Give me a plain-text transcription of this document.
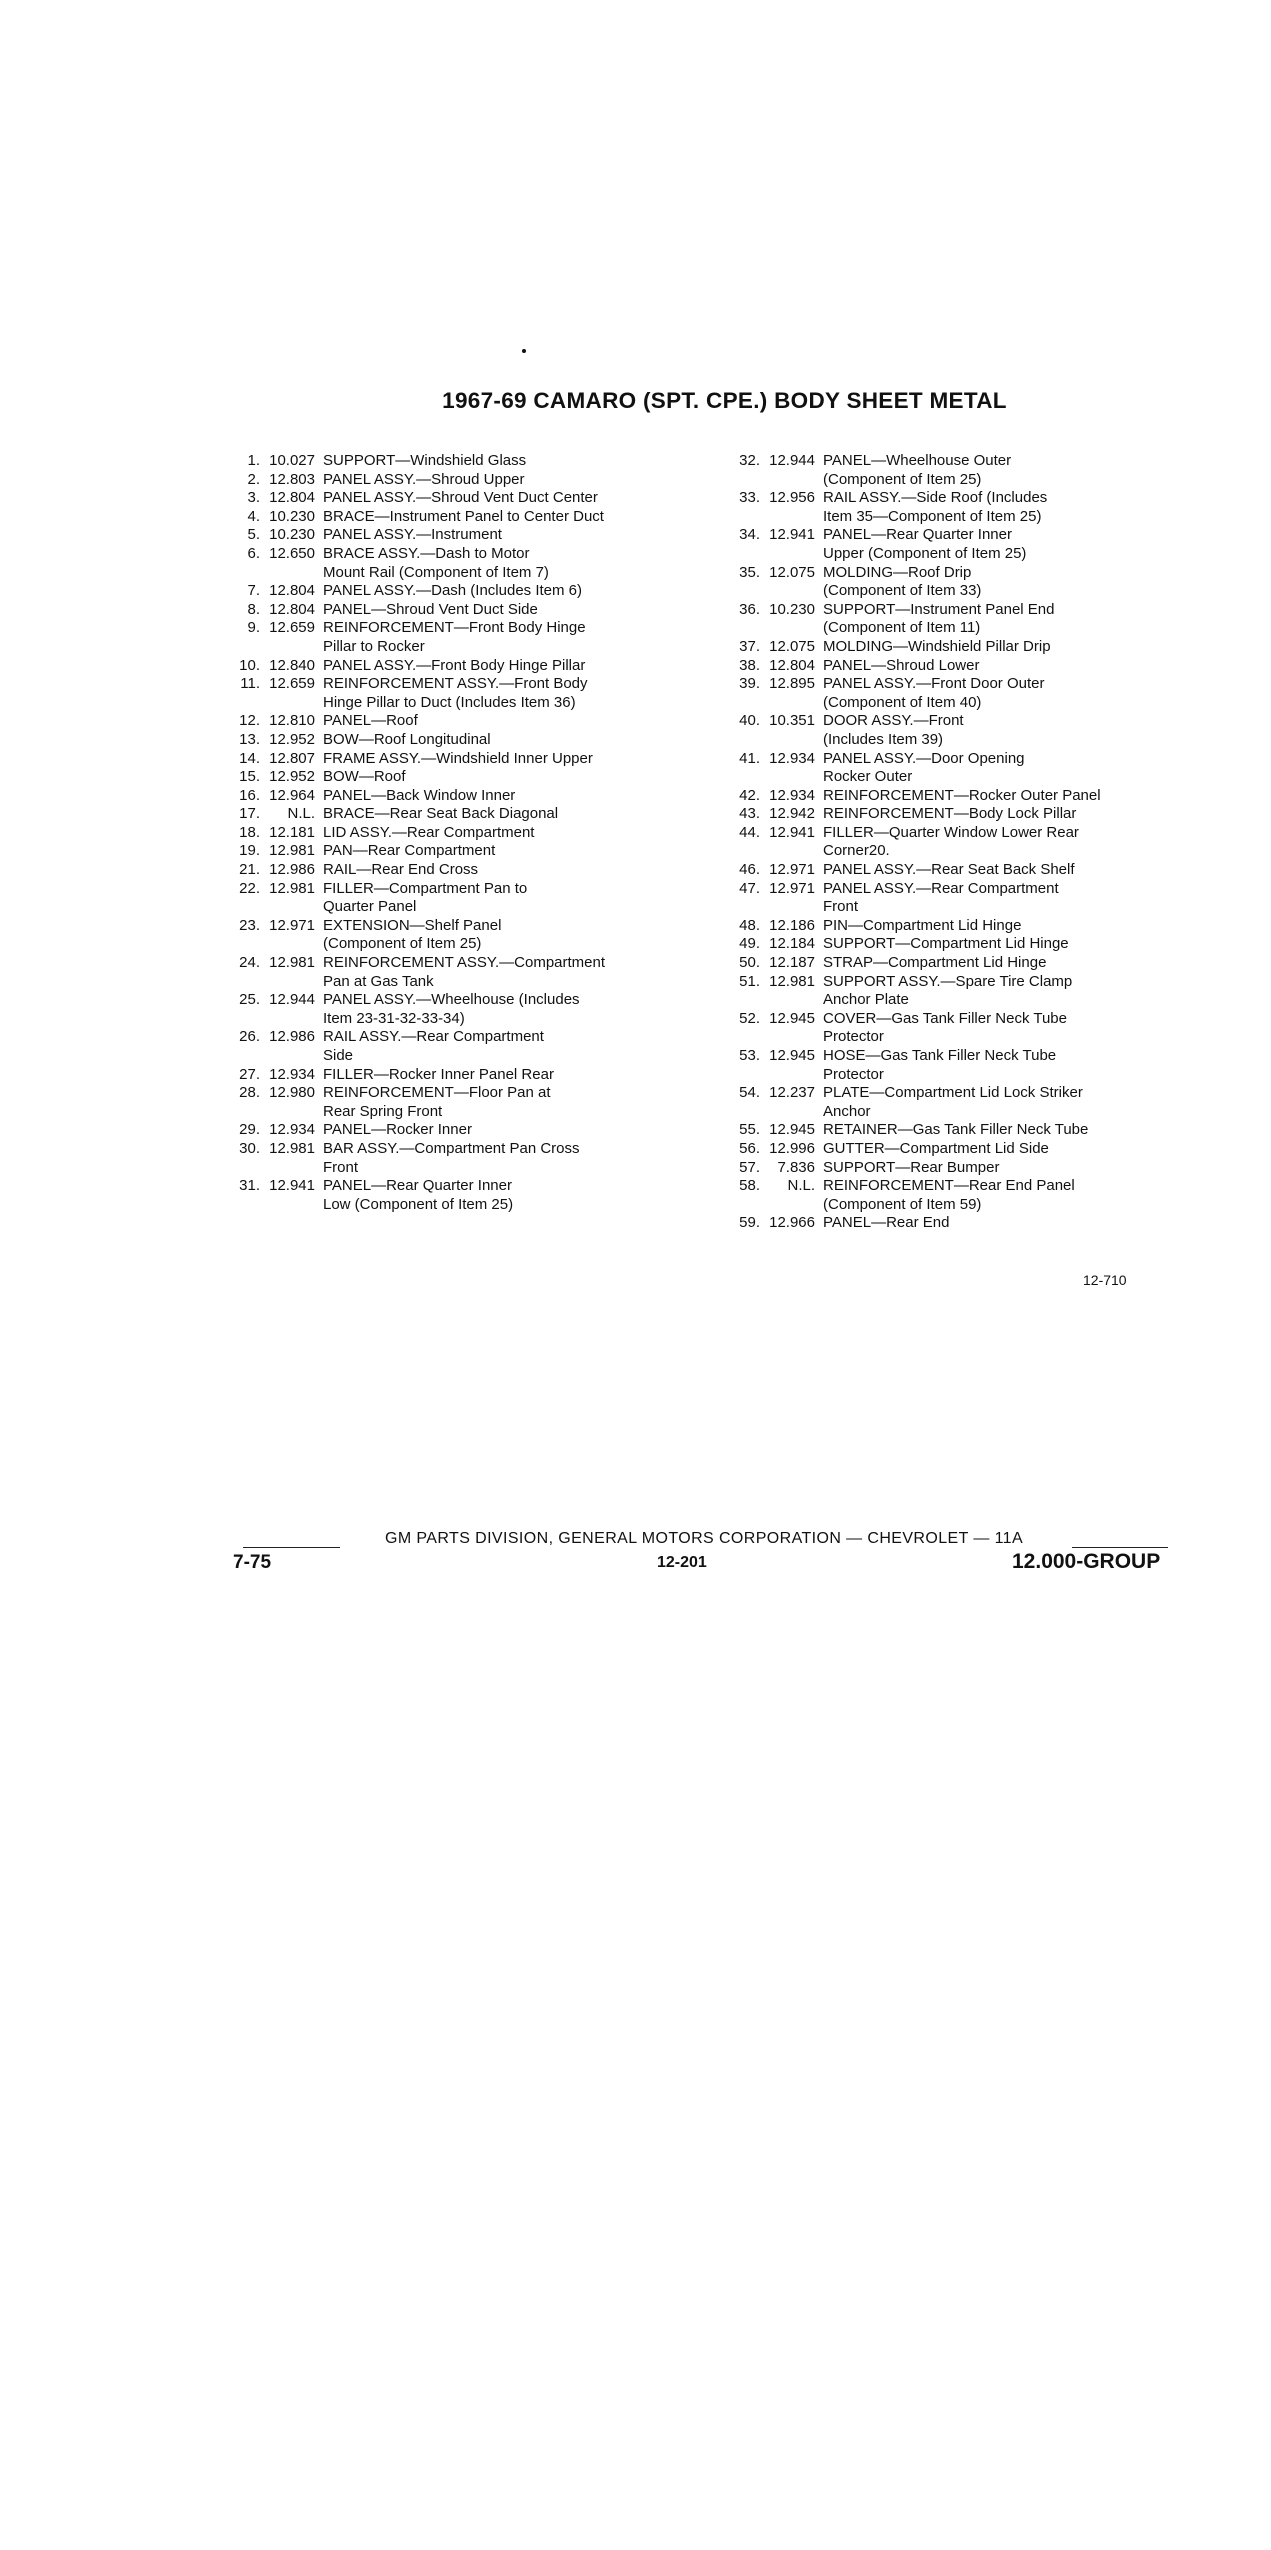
1967-69 CAMARO (SPT. CPE.) BODY SHEET METAL
1. 10.027 SUPPORT—Windshield Glass
2. 12.803 PANEL ASSY.—Shroud Upper
3. 12.804 PANEL ASSY.—Shroud Vent Duct Center
4. 10.230 BRACE—Instrument Panel to Center Duct
5. 10.230 PANEL ASSY.—Instrument
6. 12.650 BRACE ASSY.—Dash to Motor
Mount Rail (Component of Item 7)
7. 12.804 PANEL ASSY.—Dash (Includes Item 6)
8. 12.804 PANEL—Shroud Vent Duct Side
9. 12.659 REINFORCEMENT—Front Body Hinge
Pillar to Rocker
10. 12.840 PANEL ASSY.—Front Body Hinge Pillar
11. 12.659 REINFORCEMENT ASSY.—Front Body
Hinge Pillar to Duct (Includes Item 36)
12. 12.810 PANEL—Roof
13. 12.952 BOW—Roof Longitudinal
14. 12.807 FRAME ASSY.—Windshield Inner Upper
15. 12.952 BOW—Roof
16. 12.964 PANEL—Back Window Inner
17.	N.L. BRACE—Rear Seat Back Diagonal
18. 12.181 LID ASSY.—Rear Compartment
19. 12.981 PAN—Rear Compartment
21. 12.986 RAIL—Rear End Cross
22. 12.981 FILLER—Compartment Pan to
Quarter Panel
23. 12.971 EXTENSION—Shelf Panel
(Component of Item 25)
24. 12.981 REINFORCEMENT ASSY.—Compartment
Pan at Gas Tank
25. 12.944 PANEL ASSY.—Wheelhouse (Includes
Item 23-31-32-33-34)
26. 12.986 RAIL ASSY.—Rear Compartment
Side
27. 12.934 FILLER—Rocker Inner Panel Rear
28. 12.980 REINFORCEMENT—Floor Pan at
Rear Spring Front
29. 12.934 PANEL—Rocker Inner
30. 12.981 BAR ASSY.—Compartment Pan Cross
Front
31. 12.941 PANEL—Rear Quarter Inner
Low (Component of Item 25)
32. 12.944 PANEL—Wheelhouse Outer
(Component of Item 25)
33. 12.956 RAIL ASSY.—Side Roof (Includes
Item 35—Component of Item 25)
34. 12.941 PANEL—Rear Quarter Inner
Upper (Component of Item 25)
35. 12.075 MOLDING—Roof Drip
(Component of Item 33)
36. 10.230 SUPPORT—Instrument Panel End
(Component of Item 11)
37. 12.075 MOLDING—Windshield Pillar Drip
38. 12.804 PANEL—Shroud Lower
39. 12.895 PANEL ASSY.—Front Door Outer
(Component of Item 40)
40. 10.351 DOOR ASSY.—Front
(Includes Item 39)
41. 12.934 PANEL ASSY.—Door Opening
Rocker Outer
42. 12.934 REINFORCEMENT—Rocker Outer Panel
43. 12.942 REINFORCEMENT—Body Lock Pillar
44. 12.941 FILLER—Quarter Window Lower Rear
Corner20.
46. 12.971 PANEL ASSY.—Rear Seat Back Shelf
47. 12.971 PANEL ASSY.—Rear Compartment
Front
48. 12.186 PIN—Compartment Lid Hinge
49. 12.184 SUPPORT—Compartment Lid Hinge
50. 12.187 STRAP—Compartment Lid Hinge
51. 12.981 SUPPORT ASSY.—Spare Tire Clamp
Anchor Plate
52. 12.945 COVER—Gas Tank Filler Neck Tube
Protector
53. 12.945 HOSE—Gas Tank Filler Neck Tube
Protector
54. 12.237 PLATE—Compartment Lid Lock Striker
Anchor
55. 12.945 RETAINER—Gas Tank Filler Neck Tube
56. 12.996 GUTTER—Compartment Lid Side
57.	7.836 SUPPORT—Rear Bumper
58.	N.L. REINFORCEMENT—Rear End Panel
(Component of Item 59)
59. 12.966 PANEL—Rear End
12-710
GM PARTS DIVISION, GENERAL MOTORS CORPORATION — CHEVROLET — 11A
7-75	12-201	12.000-GROUP
